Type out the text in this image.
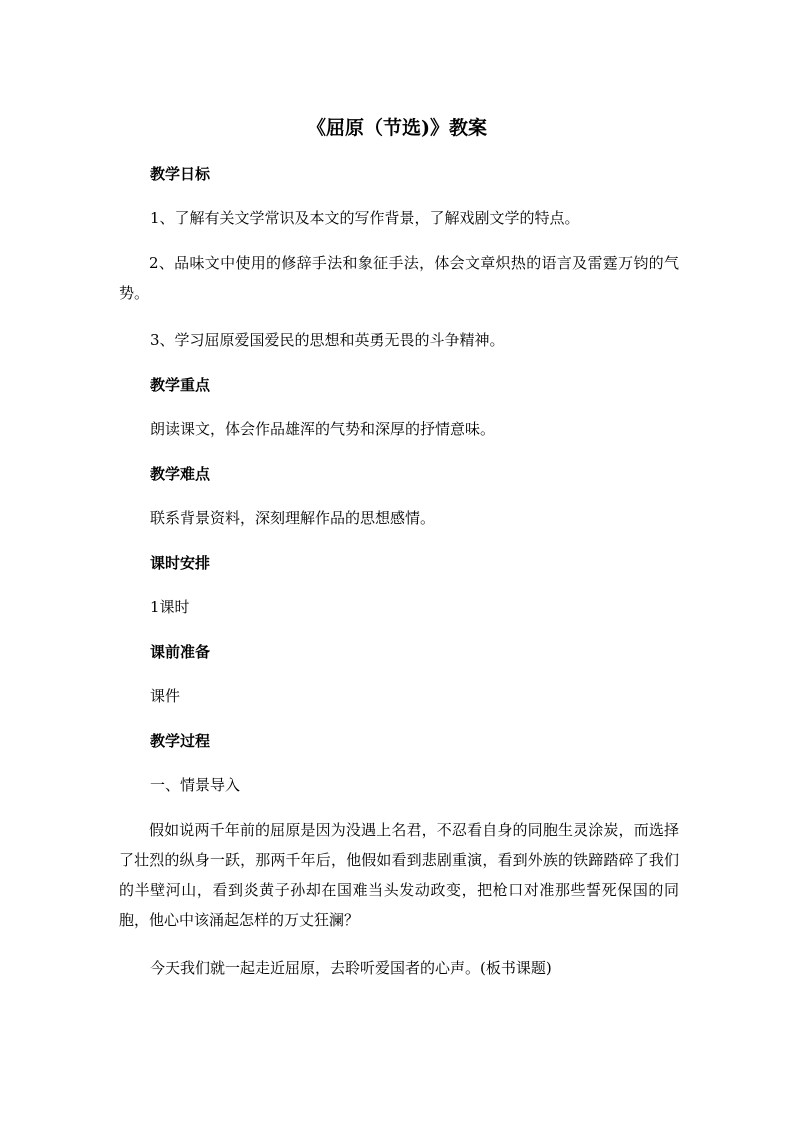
《屈原（节选)》教案
教学日标
1、了解有关文学常识及本文的写作背景，了解戏剧文学的特点。
2、品味文中使用的修辞手法和象征手法，体会文章炽热的语言及雷霆万钧的气势。
3、学习屈原爱国爱民的思想和英勇无畏的斗争精神。
教学重点
朗读课文，体会作品雄浑的气势和深厚的抒情意味。
教学难点
联系背景资料，深刻理解作品的思想感情。
课时安排
1课时
课前准备
课件
教学过程
一、情景导入
假如说两千年前的屈原是因为没遇上名君，不忍看自身的同胞生灵涂炭，而选择了壮烈的纵身一跃，那两千年后，他假如看到悲剧重演，看到外族的铁蹄踏碎了我们的半壁河山，看到炎黄子孙却在国难当头发动政变，把枪口对准那些誓死保国的同胞，他心中该涌起怎样的万丈狂澜？
今天我们就一起走近屈原，去聆听爱国者的心声。(板书课题)
